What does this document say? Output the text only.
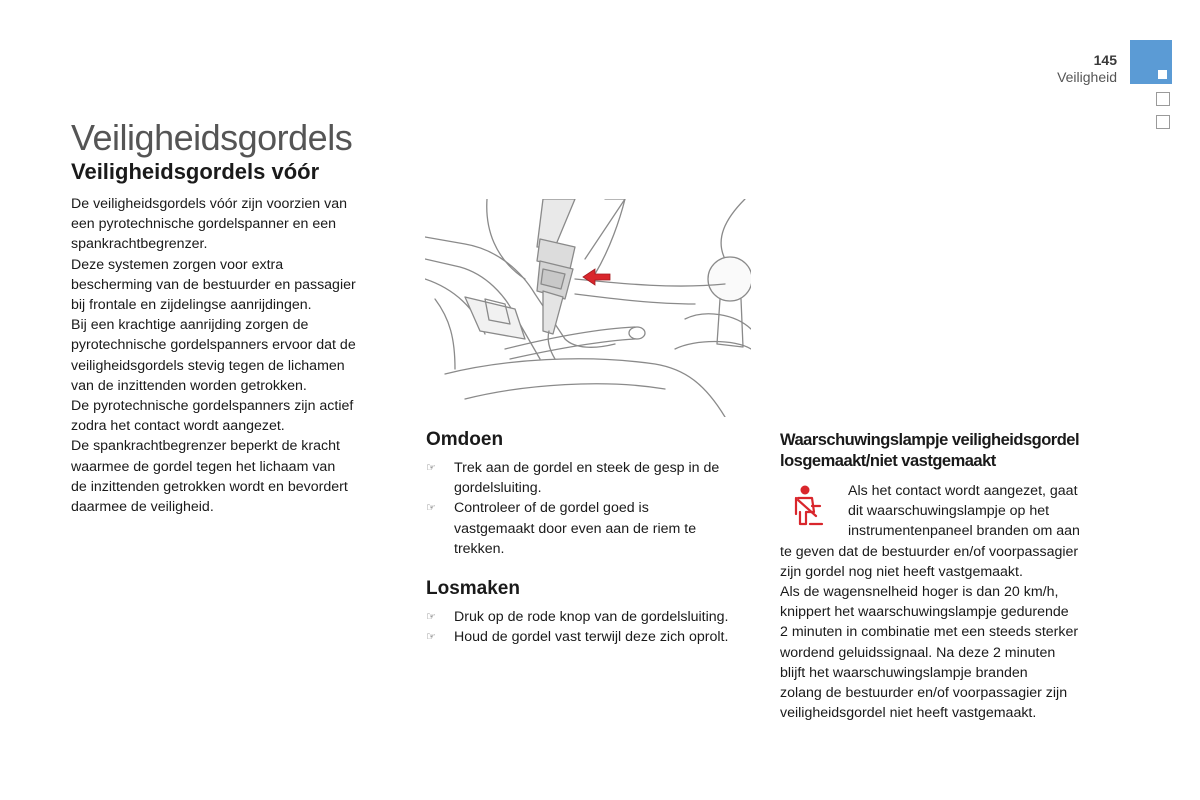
145
Veiligheid
Veiligheidsgordels
Veiligheidsgordels vóór

De veiligheidsgordels vóór zijn voorzien van

een pyrotechnische gordelspanner en een

spankrachtbegrenzer.

Deze systemen zorgen voor extra

bescherming van de bestuurder en passagier

bij frontale en zijdelingse aanrijdingen.

Bij een krachtige aanrijding zorgen de

pyrotechnische gordelspanners ervoor dat de

veiligheidsgordels stevig tegen de lichamen

van de inzittenden worden getrokken.

De pyrotechnische gordelspanners zijn actief

zodra het contact wordt aangezet.

De spankrachtbegrenzer beperkt de kracht

waarmee de gordel tegen het lichaam van

de inzittenden getrokken wordt en bevordert

daarmee de veiligheid.

Omdoen
☞ Trek aan de gordel en steek de gesp in de
gordelsluiting.
☞ Controleer of de gordel goed is
vastgemaakt door even aan de riem te
trekken.
Losmaken
☞ Druk op de rode knop van de gordelsluiting.
☞ Houd de gordel vast terwijl deze zich oprolt.
Waarschuwingslampje veiligheidsgordel
losgemaakt/niet vastgemaakt

Als het contact wordt aangezet, gaat

dit waarschuwingslampje op het

instrumentenpaneel branden om aan

te geven dat de bestuurder en/of voorpassagier

zijn gordel nog niet heeft vastgemaakt.

Als de wagensnelheid hoger is dan 20 km/h,

knippert het waarschuwingslampje gedurende

2 minuten in combinatie met een steeds sterker

wordend geluidssignaal. Na deze 2 minuten

blijft het waarschuwingslampje branden

zolang de bestuurder en/of voorpassagier zijn

veiligheidsgordel niet heeft vastgemaakt.
